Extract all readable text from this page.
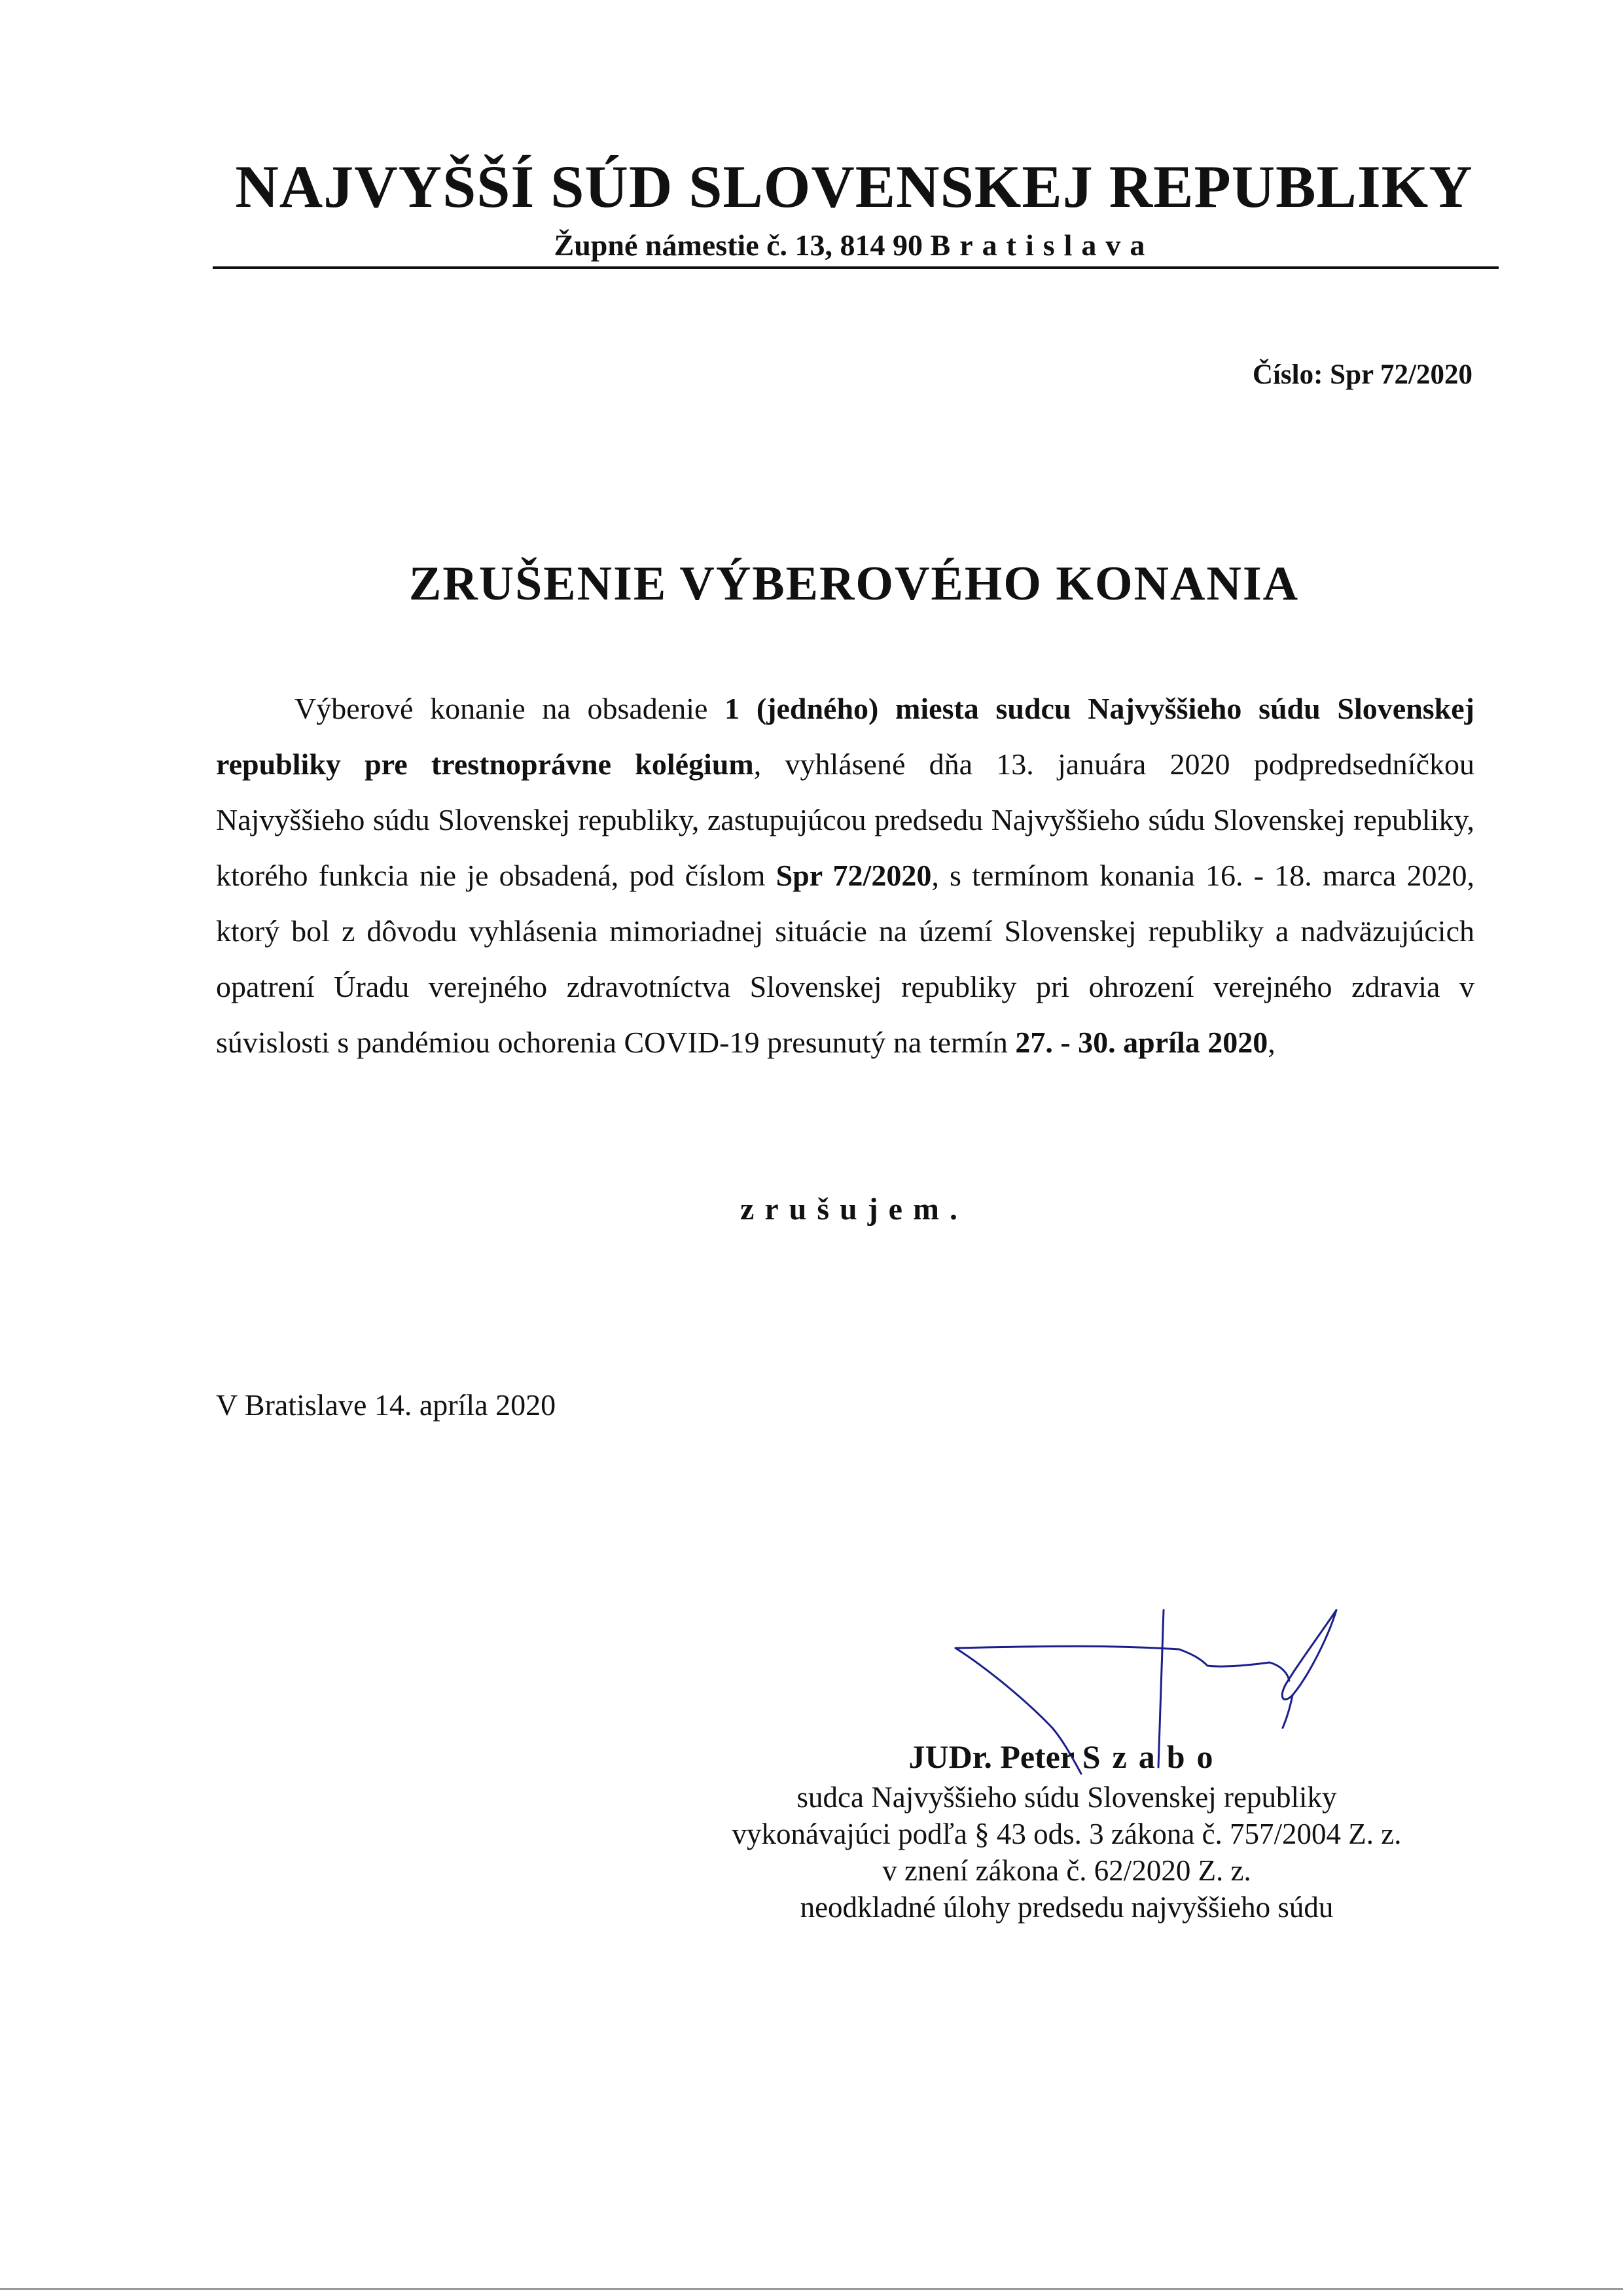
NAJVYŠŠÍ SÚD SLOVENSKEJ REPUBLIKY
Župné námestie č. 13, 814 90 Bratislava
Číslo: Spr 72/2020
ZRUŠENIE VÝBEROVÉHO KONANIA
Výberové konanie na obsadenie 1 (jedného) miesta sudcu Najvyššieho súdu Slovenskej republiky pre trestnoprávne kolégium, vyhlásené dňa 13. januára 2020 podpredsedníčkou Najvyššieho súdu Slovenskej republiky, zastupujúcou predsedu Najvyššieho súdu Slovenskej republiky, ktorého funkcia nie je obsadená, pod číslom Spr 72/2020, s termínom konania 16. - 18. marca 2020, ktorý bol z dôvodu vyhlásenia mimoriadnej situácie na území Slovenskej republiky a nadväzujúcich opatrení Úradu verejného zdravotníctva Slovenskej republiky pri ohrození verejného zdravia v súvislosti s pandémiou ochorenia COVID-19 presunutý na termín 27. - 30. apríla 2020,
zrušujem.
V Bratislave 14. apríla 2020
JUDr. Peter Szabo
sudca Najvyššieho súdu Slovenskej republiky
vykonávajúci podľa § 43 ods. 3 zákona č. 757/2004 Z. z.
v znení zákona č. 62/2020 Z. z.
neodkladné úlohy predsedu najvyššieho súdu
